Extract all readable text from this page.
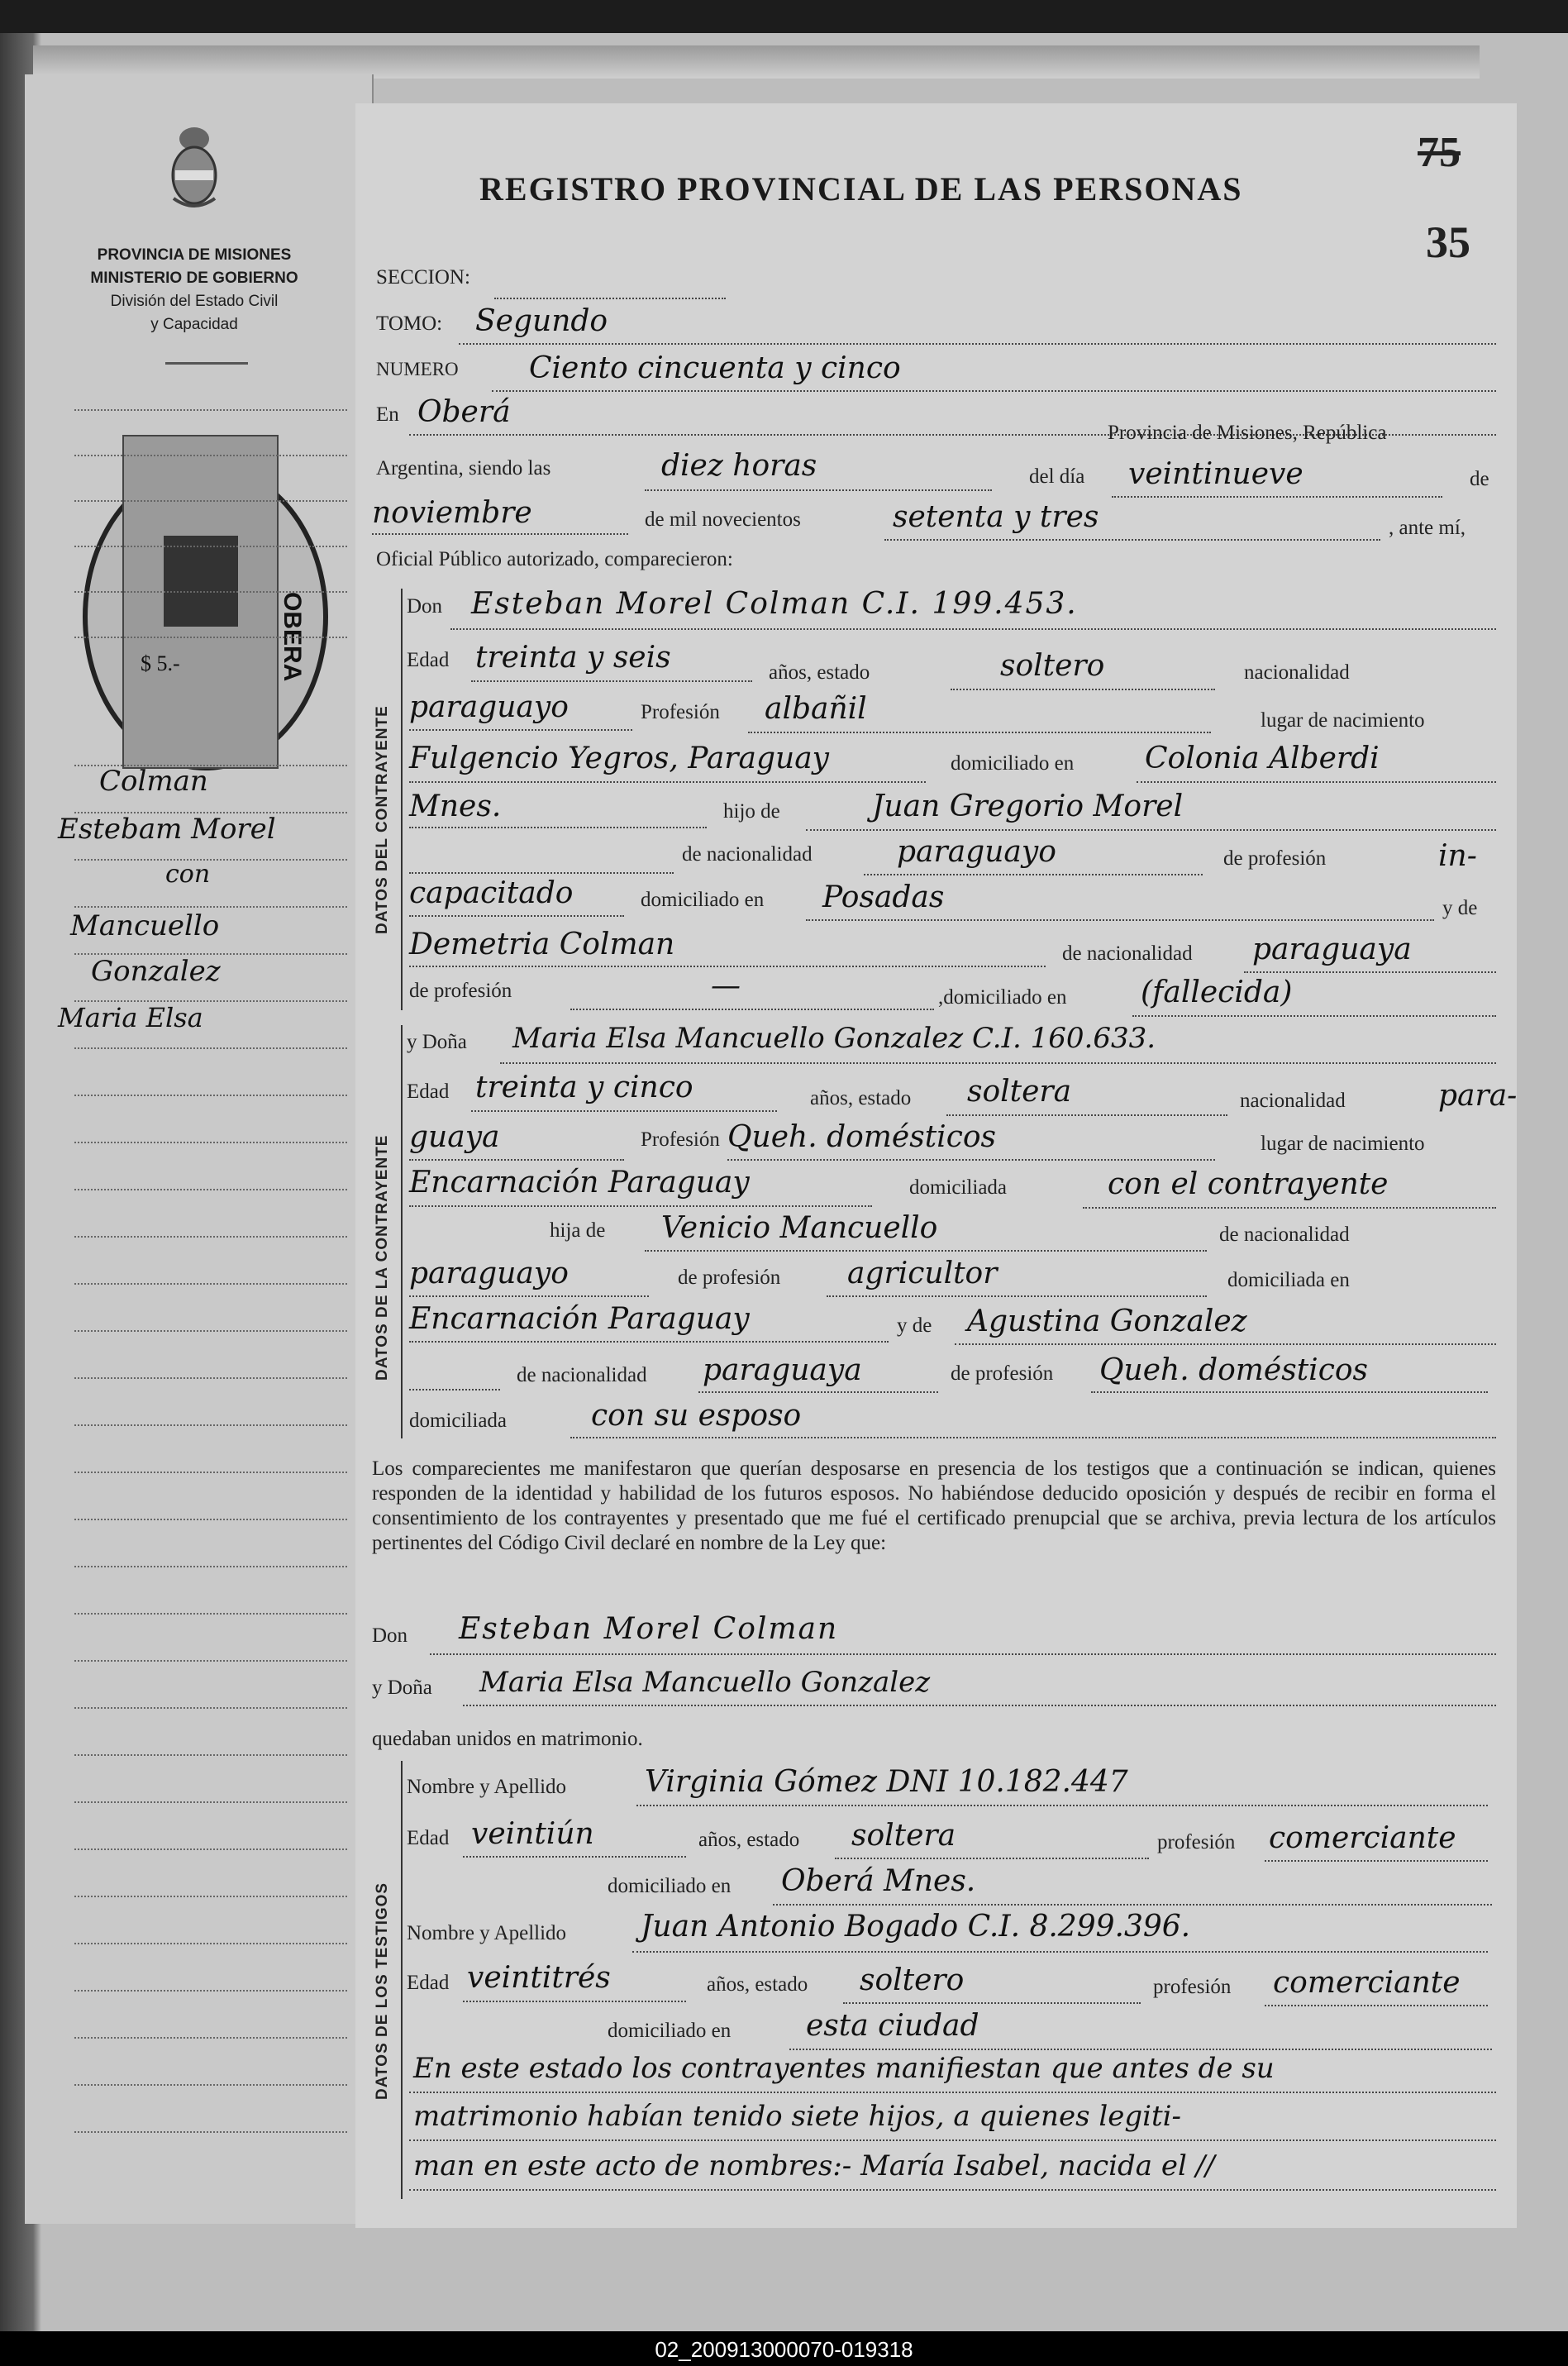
PROVINCIA DE MISIONES
MINISTERIO DE GOBIERNO
División del Estado Civil
y Capacidad
$ 5.-	OBERA
Colman
Estebam Morel
con
Mancuello
Gonzalez
Maria Elsa
REGISTRO PROVINCIAL DE LAS PERSONAS
75
35
SECCION:
TOMO: Segundo
NUMERO Ciento cincuenta y cinco
En Oberá
Provincia de Misiones, República
Argentina, siendo las	diez horas	del día veintinueve	de
noviembre	de mil novecientos	setenta y tres	, ante mí,
Oficial Público autorizado, comparecieron:
DATOS DEL CONTRAYENTE
Don Esteban Morel Colman C.I. 199.453.
Edad treinta y seis	años, estado	soltero	nacionalidad
paraguayo	Profesión albañil	lugar de nacimiento
Fulgencio Yegros, Paraguay	domiciliado en Colonia Alberdi
Mnes.	hijo de	Juan Gregorio Morel
de nacionalidad	paraguayo	de profesión	in-
capacitado	domiciliado en Posadas	y de
Demetria Colman	de nacionalidad paraguaya
de profesión	—	,domiciliado en (fallecida)
DATOS DE LA CONTRAYENTE
y Doña Maria Elsa Mancuello Gonzalez C.I. 160.633.
Edad treinta y cinco	años, estado soltera	nacionalidad	para-
guaya	Profesión Queh. domésticos	lugar de nacimiento
Encarnación Paraguay	domiciliada	con el contrayente
hija de Venicio Mancuello	de nacionalidad
paraguayo	de profesión agricultor	domiciliada en
Encarnación Paraguay	y de Agustina Gonzalez
de nacionalidad paraguaya	de profesión Queh. domésticos
domiciliada	con su esposo
Los comparecientes me manifestaron que querían desposarse en presencia de los testigos que a continuación se indican, quienes responden de la identidad y habilidad de los futuros esposos. No habiéndose deducido oposición y después de recibir en forma el consentimiento de los contrayentes y presentado que me fué el certificado prenupcial que se archiva, previa lectura de los artículos pertinentes del Código Civil declaré en nombre de la Ley que:
Don Esteban Morel Colman
y Doña Maria Elsa Mancuello Gonzalez
quedaban unidos en matrimonio.
DATOS DE LOS TESTIGOS
Nombre y Apellido	Virginia Gómez DNI 10.182.447
Edad veintiún	años, estado soltera	profesión comerciante
domiciliado en Oberá Mnes.
Nombre y Apellido Juan Antonio Bogado C.I. 8.299.396.
Edad veintitrés	años, estado soltero	profesión comerciante
domiciliado en	esta ciudad
En este estado los contrayentes manifiestan que antes de su
matrimonio habían tenido siete hijos, a quienes legiti-
man en este acto de nombres:- María Isabel, nacida el //
02_200913000070-019318
